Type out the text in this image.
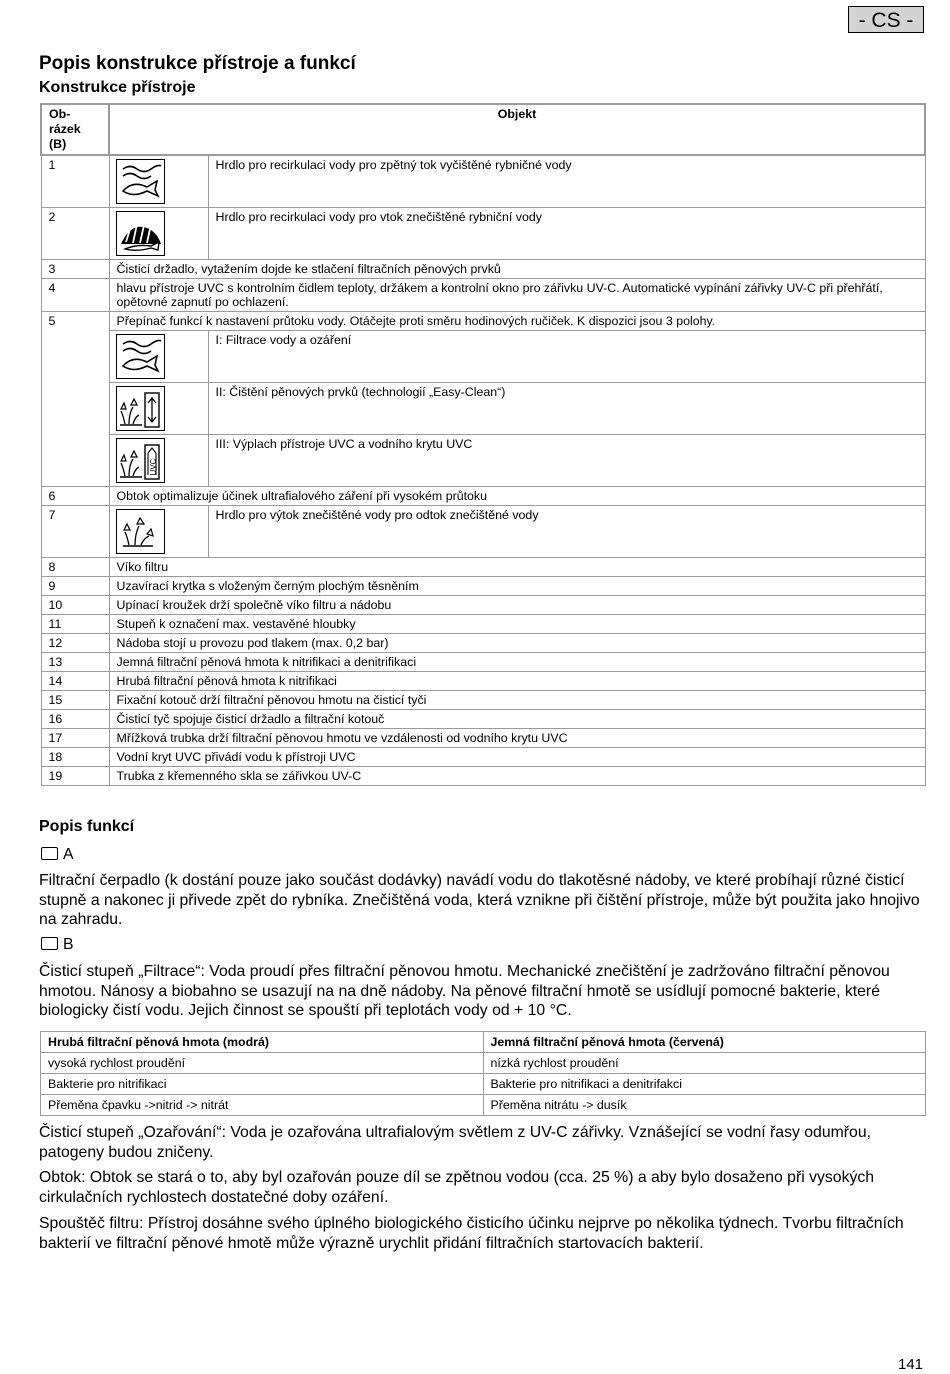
- CS -
Popis konstrukce přístroje a funkcí
Konstrukce přístroje
Ob-
rázek
(B)	Objekt	
1		Hrdlo pro recirkulaci vody pro zpětný tok vyčištěné rybničné vody
2		Hrdlo pro recirkulaci vody pro vtok znečištěné rybniční vody
3	Čisticí držadlo, vytažením dojde ke stlačení filtračních pěnových prvků	
4	hlavu přístroje UVC s kontrolním čidlem teploty, držákem a kontrolní okno pro zářivku UV-C. Automatické vypínání zářivky UV-C při přehřátí, opětovné zapnutí po ochlazení.	
5	Přepínač funkcí k nastavení průtoku vody. Otáčejte proti směru hodinových ručiček. K dispozici jsou 3 polohy.	

	I: Filtrace vody a ozáření

	II: Čištění pěnových prvků (technologií „Easy-Clean“)

UVC	III: Výplach přístroje UVC a vodního krytu UVC
6	Obtok optimalizuje účinek ultrafialového záření při vysokém průtoku	
7		Hrdlo pro výtok znečištěné vody pro odtok znečištěné vody
8	Víko filtru	
9	Uzavírací krytka s vloženým černým plochým těsněním	
10	Upínací kroužek drží společně víko filtru a nádobu	
11	Stupeň k označení max. vestavěné hloubky	
12	Nádoba stojí u provozu pod tlakem (max. 0,2 bar)	
13	Jemná filtrační pěnová hmota k nitrifikaci a denitrifikaci	
14	Hrubá filtrační pěnová hmota k nitrifikaci	
15	Fixační kotouč drží filtrační pěnovou hmotu na čisticí tyči	
16	Čisticí tyč spojuje čisticí držadlo a filtrační kotouč	
17	Mřížková trubka drží filtrační pěnovou hmotu ve vzdálenosti od vodního krytu UVC	
18	Vodní kryt UVC přivádí vodu k přístroji UVC	
19	Trubka z křemenného skla se zářivkou UV-C	
Popis funkcí
A

Filtrační čerpadlo (k dostání pouze jako součást dodávky) navádí vodu do tlakotěsné nádoby, ve které probíhají různé čisticí stupně a nakonec ji přivede zpět do rybníka. Znečištěná voda, která vznikne při čištění přístroje, může být použita jako hnojivo na zahradu.

B

Čisticí stupeň „Filtrace“: Voda proudí přes filtrační pěnovou hmotu. Mechanické znečištění je zadržováno filtrační pěnovou hmotou. Nánosy a biobahno se usazují na na dně nádoby. Na pěnové filtrační hmotě se usídlují pomocné bakterie, které biologicky čistí vodu. Jejich činnost se spouští při teplotách vody od + 10 °C.

Hrubá filtrační pěnová hmota (modrá)	Jemná filtrační pěnová hmota (červená)
vysoká rychlost proudění	nízká rychlost proudění
Bakterie pro nitrifikaci	Bakterie pro nitrifikaci a denitrifakci
Přeměna čpavku ->nitrid -> nitrát	Přeměna nitrátu -> dusík

Čisticí stupeň „Ozařování“: Voda je ozařována ultrafialovým světlem z UV-C zářivky. Vznášející se vodní řasy odumřou, patogeny budou zničeny.

Obtok: Obtok se stará o to, aby byl ozařován pouze díl se zpětnou vodou (cca. 25 %) a aby bylo dosaženo při vysokých cirkulačních rychlostech dostatečné doby ozáření.

Spouštěč filtru: Přístroj dosáhne svého úplného biologického čisticího účinku nejprve po několika týdnech. Tvorbu filtračních bakterií ve filtrační pěnové hmotě může výrazně urychlit přidání filtračních startovacích bakterií.

141
